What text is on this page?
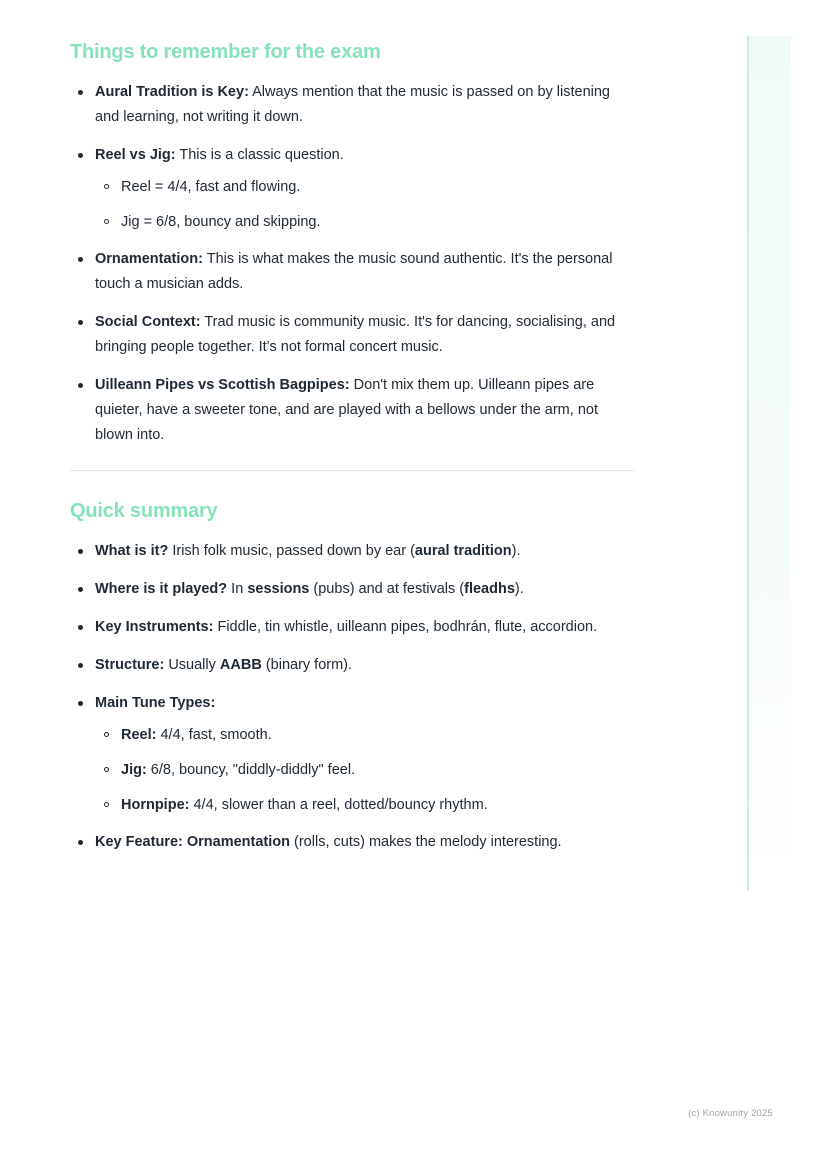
Things to remember for the exam
Aural Tradition is Key: Always mention that the music is passed on by listening and learning, not writing it down.
Reel vs Jig: This is a classic question.
Reel = 4/4, fast and flowing.
Jig = 6/8, bouncy and skipping.
Ornamentation: This is what makes the music sound authentic. It's the personal touch a musician adds.
Social Context: Trad music is community music. It's for dancing, socialising, and bringing people together. It's not formal concert music.
Uilleann Pipes vs Scottish Bagpipes: Don't mix them up. Uilleann pipes are quieter, have a sweeter tone, and are played with a bellows under the arm, not blown into.
Quick summary
What is it? Irish folk music, passed down by ear (aural tradition).
Where is it played? In sessions (pubs) and at festivals (fleadhs).
Key Instruments: Fiddle, tin whistle, uilleann pipes, bodhrán, flute, accordion.
Structure: Usually AABB (binary form).
Main Tune Types:
Reel: 4/4, fast, smooth.
Jig: 6/8, bouncy, "diddly-diddly" feel.
Hornpipe: 4/4, slower than a reel, dotted/bouncy rhythm.
Key Feature: Ornamentation (rolls, cuts) makes the melody interesting.
(c) Knowunity 2025
